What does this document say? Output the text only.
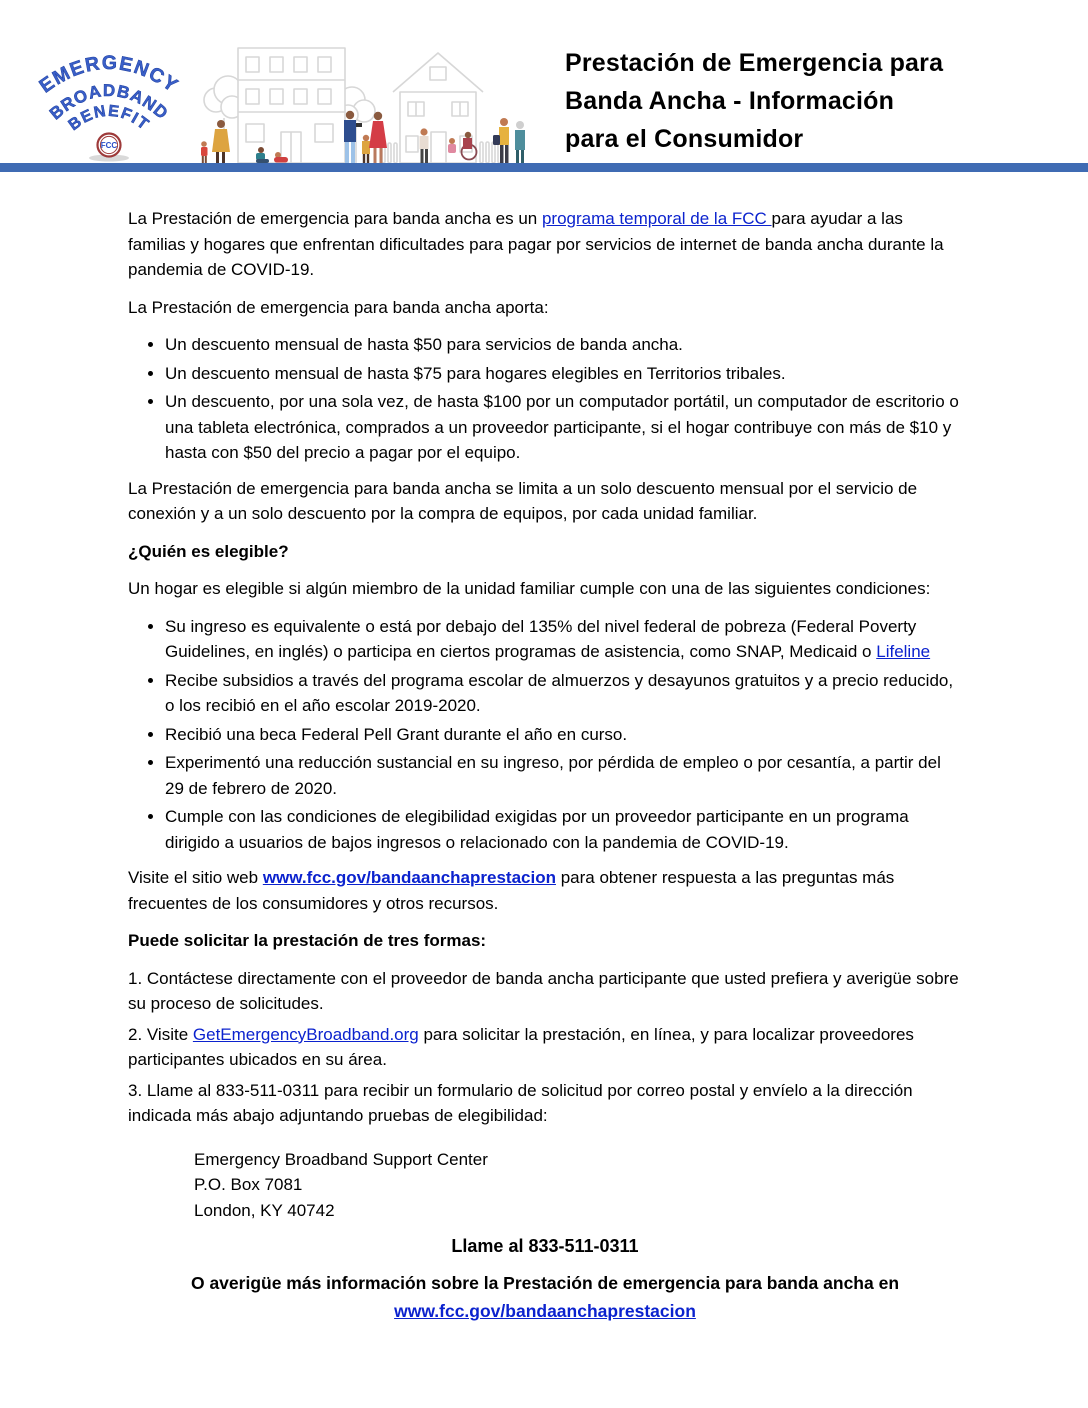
EMERGENCY
BROADBAND
BENEFIT
FCC
Prestación de Emergencia para
Banda Ancha - Información
para el Consumidor

La Prestación de emergencia para banda ancha es un programa temporal de la FCC para ayudar a las familias y hogares que enfrentan dificultades para pagar por servicios de internet de banda ancha durante la pandemia de COVID-19.

La Prestación de emergencia para banda ancha aporta:

• Un descuento mensual de hasta $50 para servicios de banda ancha.
• Un descuento mensual de hasta $75 para hogares elegibles en Territorios tribales.
• Un descuento, por una sola vez, de hasta $100 por un computador portátil, un computador de escritorio o una tableta electrónica, comprados a un proveedor participante, si el hogar contribuye con más de $10 y hasta con $50 del precio a pagar por el equipo.

La Prestación de emergencia para banda ancha se limita a un solo descuento mensual por el servicio de conexión y a un solo descuento por la compra de equipos, por cada unidad familiar.

¿Quién es elegible?

Un hogar es elegible si algún miembro de la unidad familiar cumple con una de las siguientes condiciones:

• Su ingreso es equivalente o está por debajo del 135% del nivel federal de pobreza (Federal Poverty Guidelines, en inglés) o participa en ciertos programas de asistencia, como SNAP, Medicaid o Lifeline
• Recibe subsidios a través del programa escolar de almuerzos y desayunos gratuitos y a precio reducido, o los recibió en el año escolar 2019-2020.
• Recibió una beca Federal Pell Grant durante el año en curso.
• Experimentó una reducción sustancial en su ingreso, por pérdida de empleo o por cesantía, a partir del 29 de febrero de 2020.
• Cumple con las condiciones de elegibilidad exigidas por un proveedor participante en un programa dirigido a usuarios de bajos ingresos o relacionado con la pandemia de COVID-19.

Visite el sitio web www.fcc.gov/bandaanchaprestacion para obtener respuesta a las preguntas más frecuentes de los consumidores y otros recursos.

Puede solicitar la prestación de tres formas:

1. Contáctese directamente con el proveedor de banda ancha participante que usted prefiera y averigüe sobre su proceso de solicitudes.

2. Visite GetEmergencyBroadband.org para solicitar la prestación, en línea, y para localizar proveedores participantes ubicados en su área.

3. Llame al 833-511-0311 para recibir un formulario de solicitud por correo postal y envíelo a la dirección indicada más abajo adjuntando pruebas de elegibilidad:

Emergency Broadband Support Center
P.O. Box 7081
London, KY 40742

Llame al 833-511-0311

O averigüe más información sobre la Prestación de emergencia para banda ancha en

www.fcc.gov/bandaanchaprestacion
